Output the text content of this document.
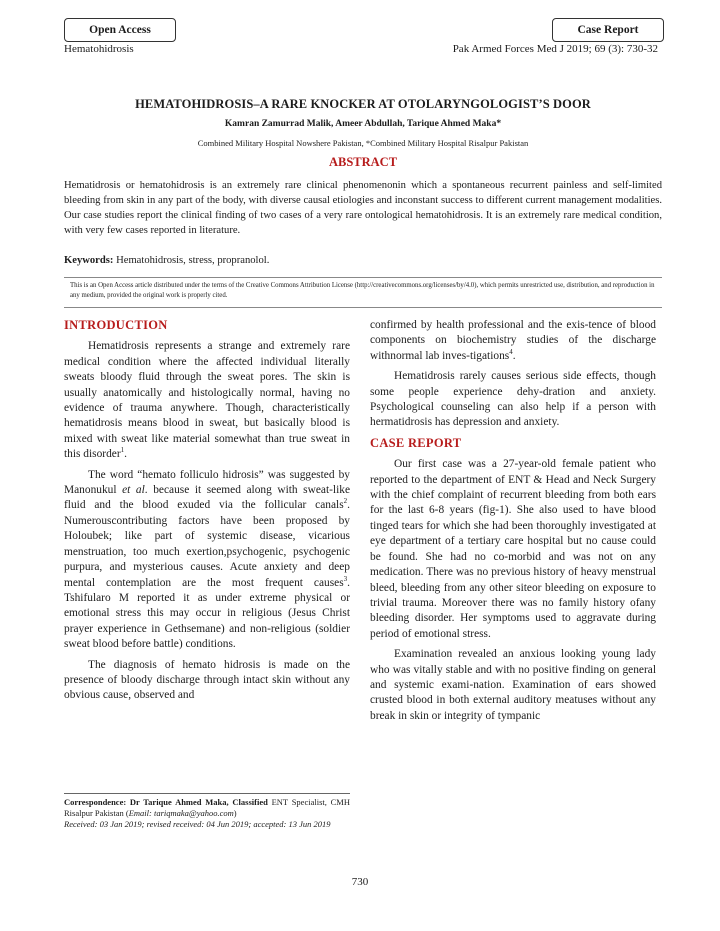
Open Access	Case Report
Hematohidrosis	Pak Armed Forces Med J 2019; 69 (3): 730-32
HEMATOHIDROSIS–A RARE KNOCKER AT OTOLARYNGOLOGIST’S DOOR
Kamran Zamurrad Malik, Ameer Abdullah, Tarique Ahmed Maka*
Combined Military Hospital Nowshere Pakistan, *Combined Military Hospital Risalpur Pakistan
ABSTRACT

Hematidrosis or hematohidrosis is an extremely rare clinical phenomenonin which a spontaneous recurrent painless and self-limited bleeding from skin in any part of the body, with diverse causal etiologies and inconstant success to different current management modalities. Our case studies report the clinical finding of two cases of a very rare ontological hematohidrosis. It is an extremely rare medical condition, with very few cases reported in literature.

Keywords: Hematohidrosis, stress, propranolol.

This is an Open Access article distributed under the terms of the Creative Commons Attribution License (http://creativecommons.org/licenses/by/4.0), which permits unrestricted use, distribution, and reproduction in any medium, provided the original work is properly cited.

INTRODUCTION

Hematidrosis represents a strange and extremely rare medical condition where the affected individual literally sweats bloody fluid through the sweat pores. The skin is usually anatomically and histologically normal, having no evidence of trauma anywhere. Though, characteristically hematidrosis means blood in sweat, but basically blood is mixed with sweat like material somewhat than true sweat in this disorder$^1$.

The word “hemato folliculo hidrosis” was suggested by Manonukul et al. because it seemed along with sweat-like fluid and the blood exuded via the follicular canals$^2$. Numerouscontributing factors have been proposed by Holoubek; like part of systemic disease, vicarious menstruation, too much exertion,psychogenic, psychogenic purpura, and mysterious causes. Acute anxiety and deep mental contemplation are the most frequent causes$^3$. Tshifularo M reported it as under extreme physical or emotional stress this may occur in religious (Jesus Christ prayer experience in Gethsemane) and non-religious (soldier sweat blood before battle) conditions.

The diagnosis of hemato hidrosis is made on the presence of bloody discharge through intact skin without any obvious cause, observed and

confirmed by health professional and the exis-tence of blood components on biochemistry studies of the discharge withnormal lab inves-tigations$^4$.

Hematidrosis rarely causes serious side effects, though some people experience dehy-dration and anxiety. Psychological counseling can also help if a person with hermatidrosis has depression and anxiety.

CASE REPORT

Our first case was a 27-year-old female patient who reported to the department of ENT & Head and Neck Surgery with the chief complaint of recurrent bleeding from both ears for the last 6-8 years (fig-1). She also used to have blood tinged tears for which she had been thoroughly investigated at eye department of a tertiary care hospital but no cause could be found. She had no co-morbid and was not on any medication. There was no previous history of heavy menstrual bleed, bleeding from any other siteor bleeding on exposure to trivial trauma. Moreover there was no family history ofany bleeding disorder. Her symptoms used to aggravate during period of emotional stress.

Examination revealed an anxious looking young lady who was vitally stable and with no positive finding on general and systemic exami-nation. Examination of ears showed crusted blood in both external auditory meatuses without any break in skin or integrity of tympanic

Correspondence: Dr Tarique Ahmed Maka, Classified ENT Specialist, CMH Risalpur Pakistan (Email: tariqmaka@yahoo.com)
Received: 03 Jan 2019; revised received: 04 Jun 2019; accepted: 13 Jun 2019

730
